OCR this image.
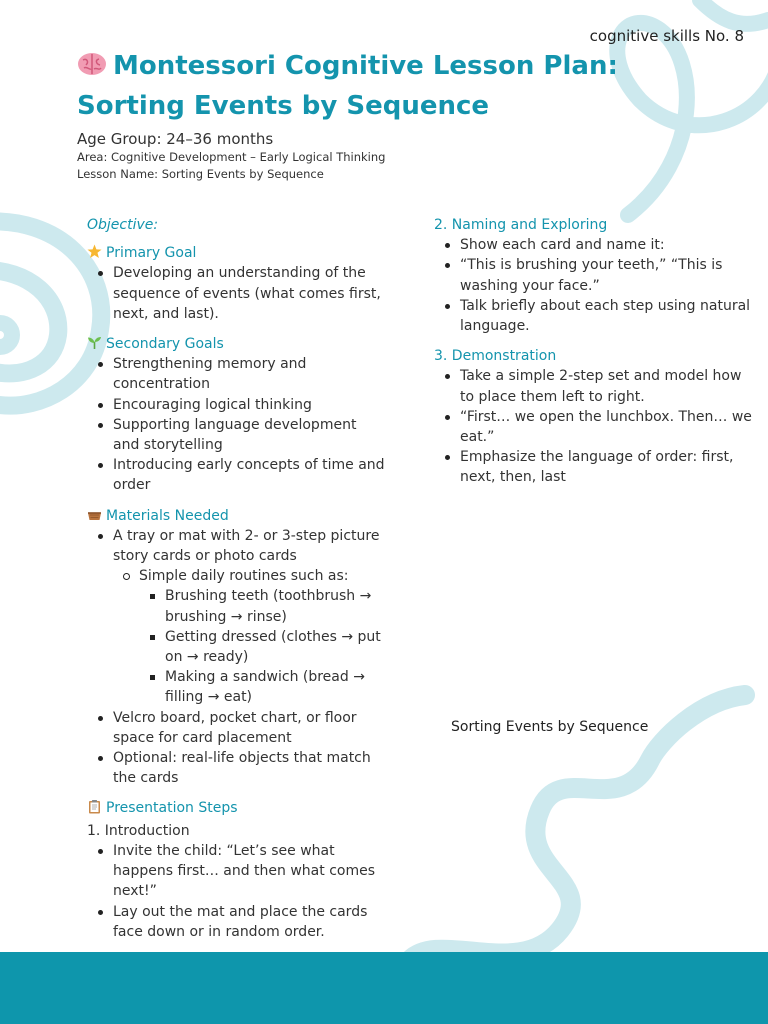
cognitive skills No. 8
Montessori Cognitive Lesson Plan:
Sorting Events by Sequence
Age Group: 24–36 months
Area: Cognitive Development – Early Logical Thinking
Lesson Name: Sorting Events by Sequence
Objective:
Primary Goal
Developing an understanding of the sequence of events (what comes first, next, and last).
Secondary Goals
Strengthening memory and concentration
Encouraging logical thinking
Supporting language development and storytelling
Introducing early concepts of time and order
Materials Needed
A tray or mat with 2- or 3-step picture story cards or photo cards
Simple daily routines such as:
Brushing teeth (toothbrush → brushing → rinse)
Getting dressed (clothes → put on → ready)
Making a sandwich (bread → filling → eat)
Velcro board, pocket chart, or floor space for card placement
Optional: real-life objects that match the cards
Presentation Steps
1. Introduction
Invite the child: “Let’s see what happens first… and then what comes next!”
Lay out the mat and place the cards face down or in random order.
2. Naming and Exploring
Show each card and name it:
“This is brushing your teeth,” “This is washing your face.”
Talk briefly about each step using natural language.
3. Demonstration
Take a simple 2-step set and model how to place them left to right.
“First… we open the lunchbox. Then… we eat.”
Emphasize the language of order: first, next, then, last
Sorting Events by Sequence
